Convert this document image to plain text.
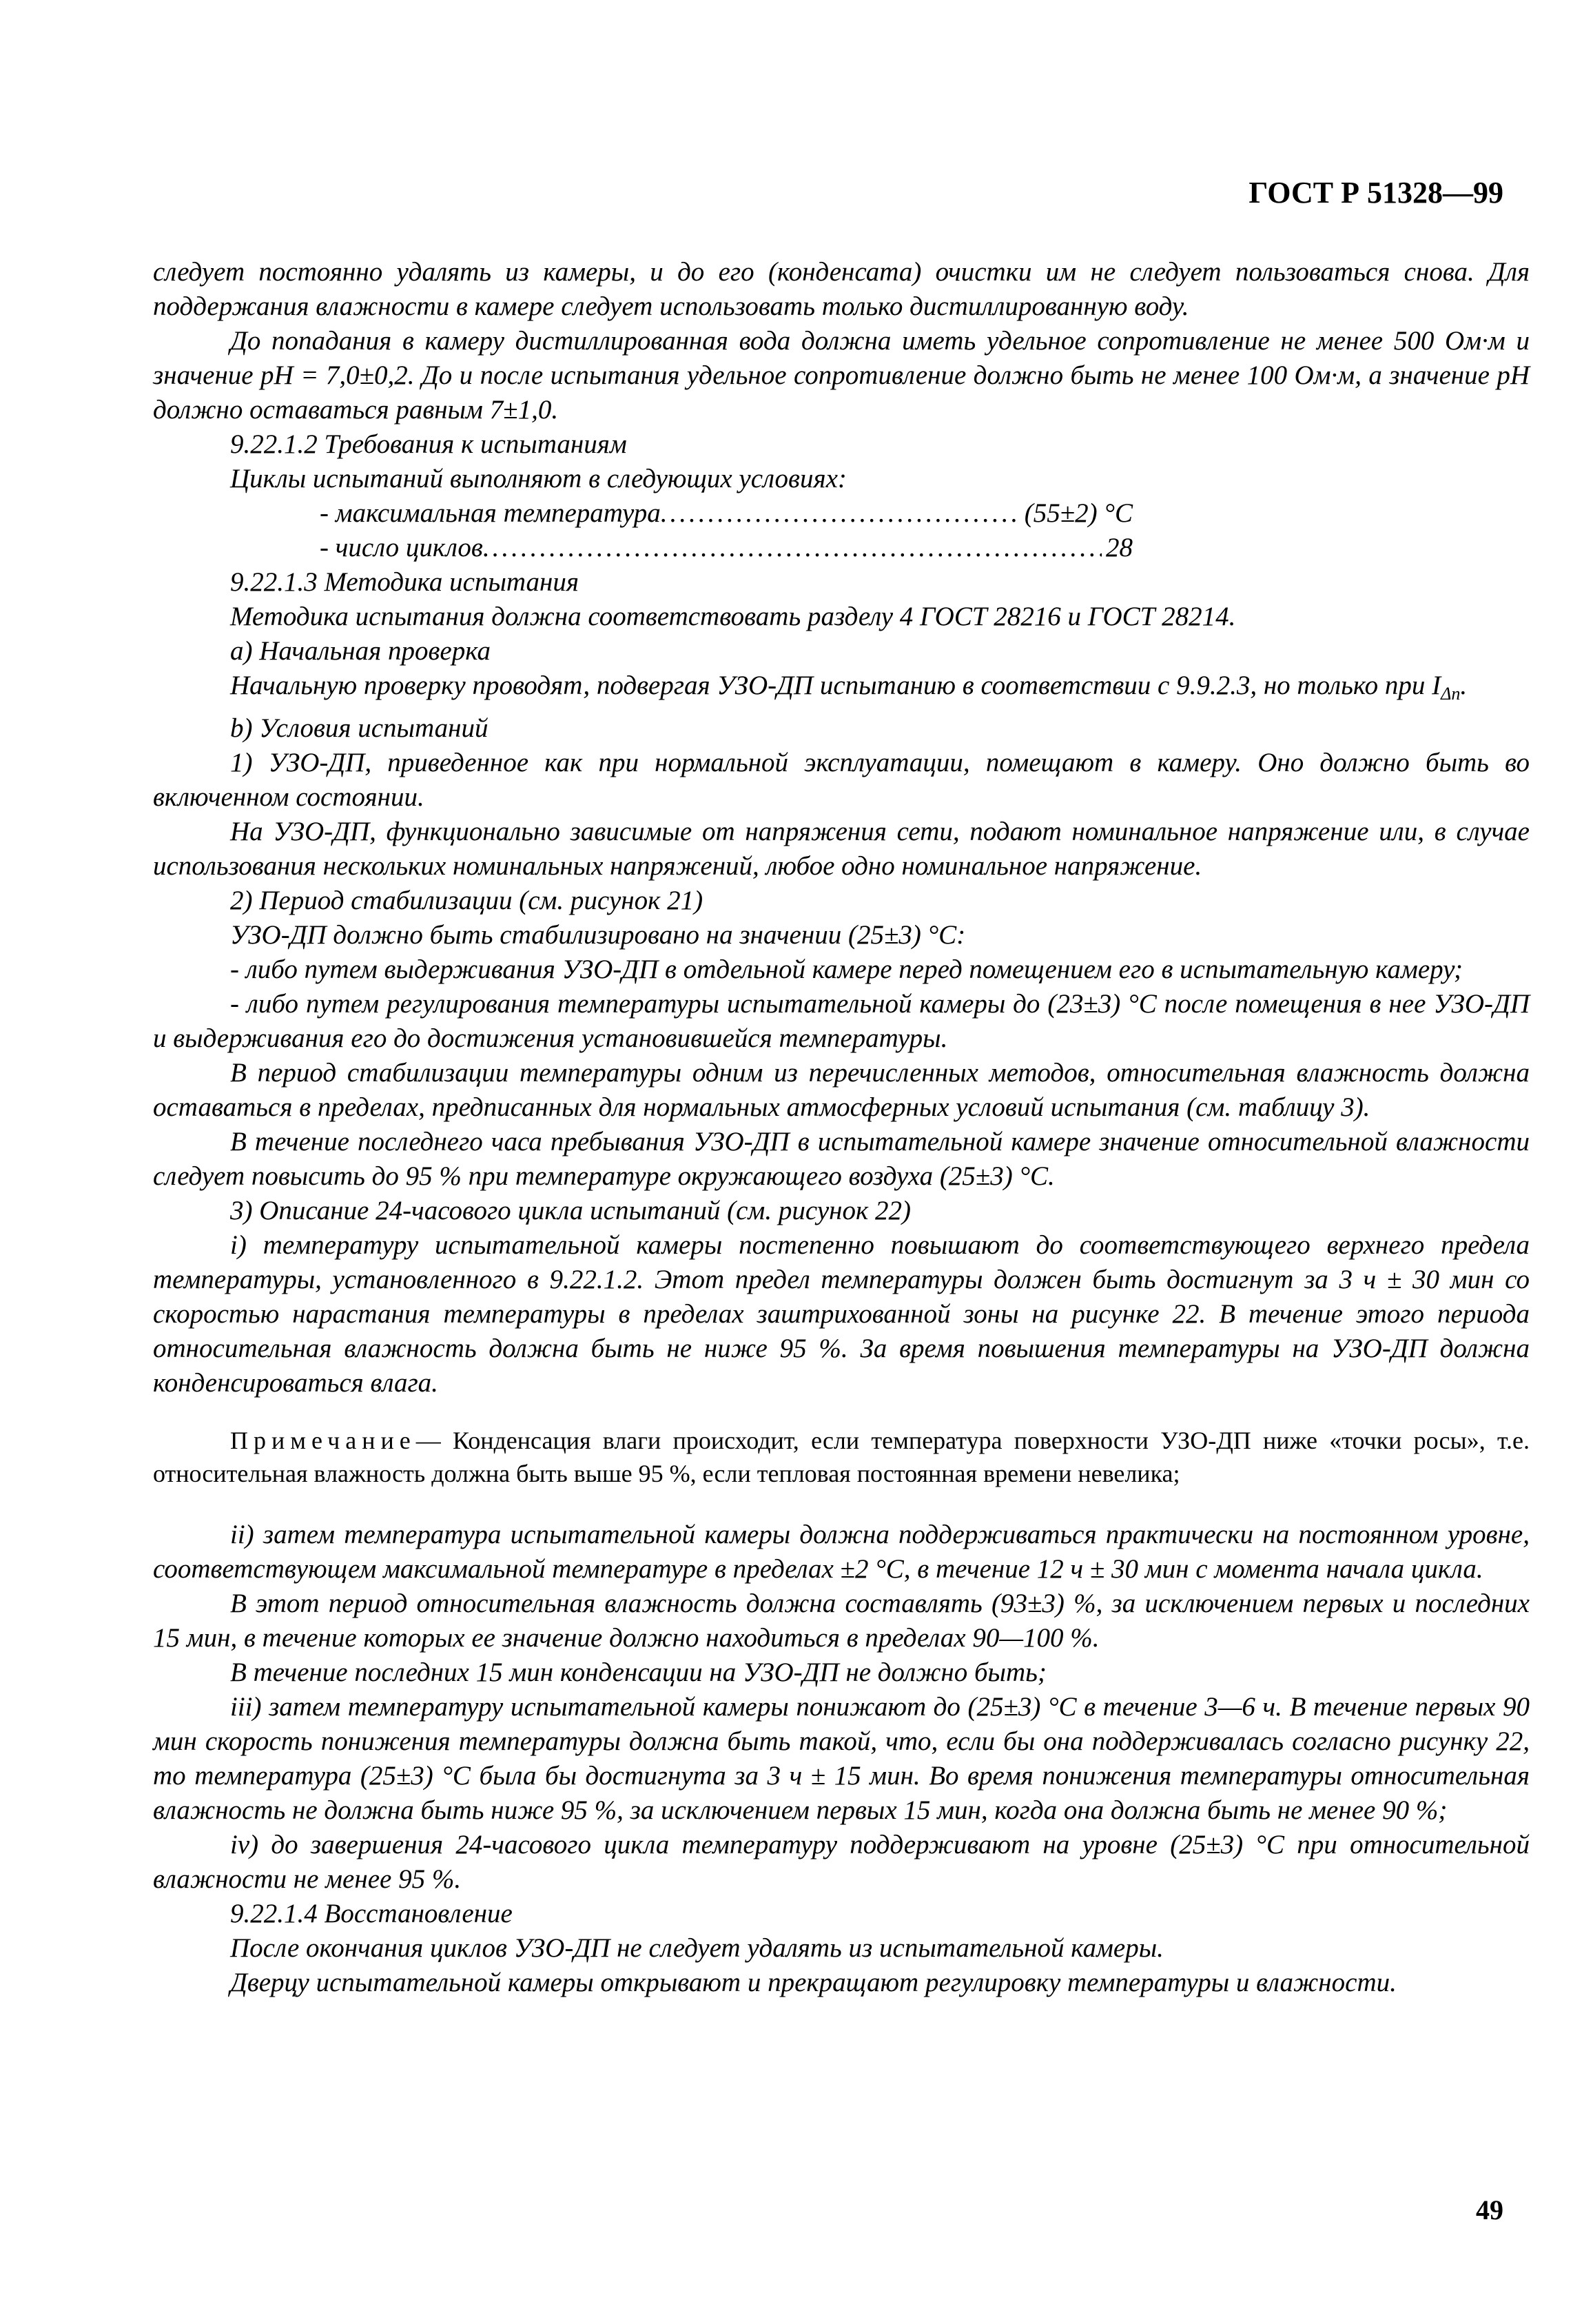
ГОСТ Р 51328—99

следует постоянно удалять из камеры, и до его (конденсата) очистки им не следует пользоваться снова. Для поддержания влажности в камере следует использовать только дистиллированную воду.

До попадания в камеру дистиллированная вода должна иметь удельное сопротивление не менее 500 Ом·м и значение pH = 7,0±0,2. До и после испытания удельное сопротивление должно быть не менее 100 Ом·м, а значение pH должно оставаться равным 7±1,0.

9.22.1.2 Требования к испытаниям

Циклы испытаний выполняют в следующих условиях:

- максимальная температура .....	(55±2) °С
- число циклов .....	28

9.22.1.3 Методика испытания

Методика испытания должна соответствовать разделу 4 ГОСТ 28216 и ГОСТ 28214.

а) Начальная проверка

Начальную проверку проводят, подвергая УЗО-ДП испытанию в соответствии с 9.9.2.3, но только при $I_{\Delta n}$.

b) Условия испытаний

1) УЗО-ДП, приведенное как при нормальной эксплуатации, помещают в камеру. Оно должно быть во включенном состоянии.

На УЗО-ДП, функционально зависимые от напряжения сети, подают номинальное напряжение или, в случае использования нескольких номинальных напряжений, любое одно номинальное напряжение.

2) Период стабилизации (см. рисунок 21)

УЗО-ДП должно быть стабилизировано на значении (25±3) °С:

- либо путем выдерживания УЗО-ДП в отдельной камере перед помещением его в испытательную камеру;

- либо путем регулирования температуры испытательной камеры до (23±3) °С после помещения в нее УЗО-ДП и выдерживания его до достижения установившейся температуры.

В период стабилизации температуры одним из перечисленных методов, относительная влажность должна оставаться в пределах, предписанных для нормальных атмосферных условий испытания (см. таблицу 3).

В течение последнего часа пребывания УЗО-ДП в испытательной камере значение относительной влажности следует повысить до 95 % при температуре окружающего воздуха (25±3) °С.

3) Описание 24-часового цикла испытаний (см. рисунок 22)

i) температуру испытательной камеры постепенно повышают до соответствующего верхнего предела температуры, установленного в 9.22.1.2. Этот предел температуры должен быть достигнут за 3 ч ± 30 мин со скоростью нарастания температуры в пределах заштрихованной зоны на рисунке 22. В течение этого периода относительная влажность должна быть не ниже 95 %. За время повышения температуры на УЗО-ДП должна конденсироваться влага.

Примечание— Конденсация влаги происходит, если температура поверхности УЗО-ДП ниже «точки росы», т.е. относительная влажность должна быть выше 95 %, если тепловая постоянная времени невелика;

ii) затем температура испытательной камеры должна поддерживаться практически на постоянном уровне, соответствующем максимальной температуре в пределах ±2 °С, в течение 12 ч ± 30 мин с момента начала цикла.

В этот период относительная влажность должна составлять (93±3) %, за исключением первых и последних 15 мин, в течение которых ее значение должно находиться в пределах 90—100 %.

В течение последних 15 мин конденсации на УЗО-ДП не должно быть;

iii) затем температуру испытательной камеры понижают до (25±3) °С в течение 3—6 ч. В течение первых 90 мин скорость понижения температуры должна быть такой, что, если бы она поддерживалась согласно рисунку 22, то температура (25±3) °С была бы достигнута за 3 ч ± 15 мин. Во время понижения температуры относительная влажность не должна быть ниже 95 %, за исключением первых 15 мин, когда она должна быть не менее 90 %;

iv) до завершения 24-часового цикла температуру поддерживают на уровне (25±3) °С при относительной влажности не менее 95 %.

9.22.1.4 Восстановление

После окончания циклов УЗО-ДП не следует удалять из испытательной камеры.

Дверцу испытательной камеры открывают и прекращают регулировку температуры и влажности.

49
